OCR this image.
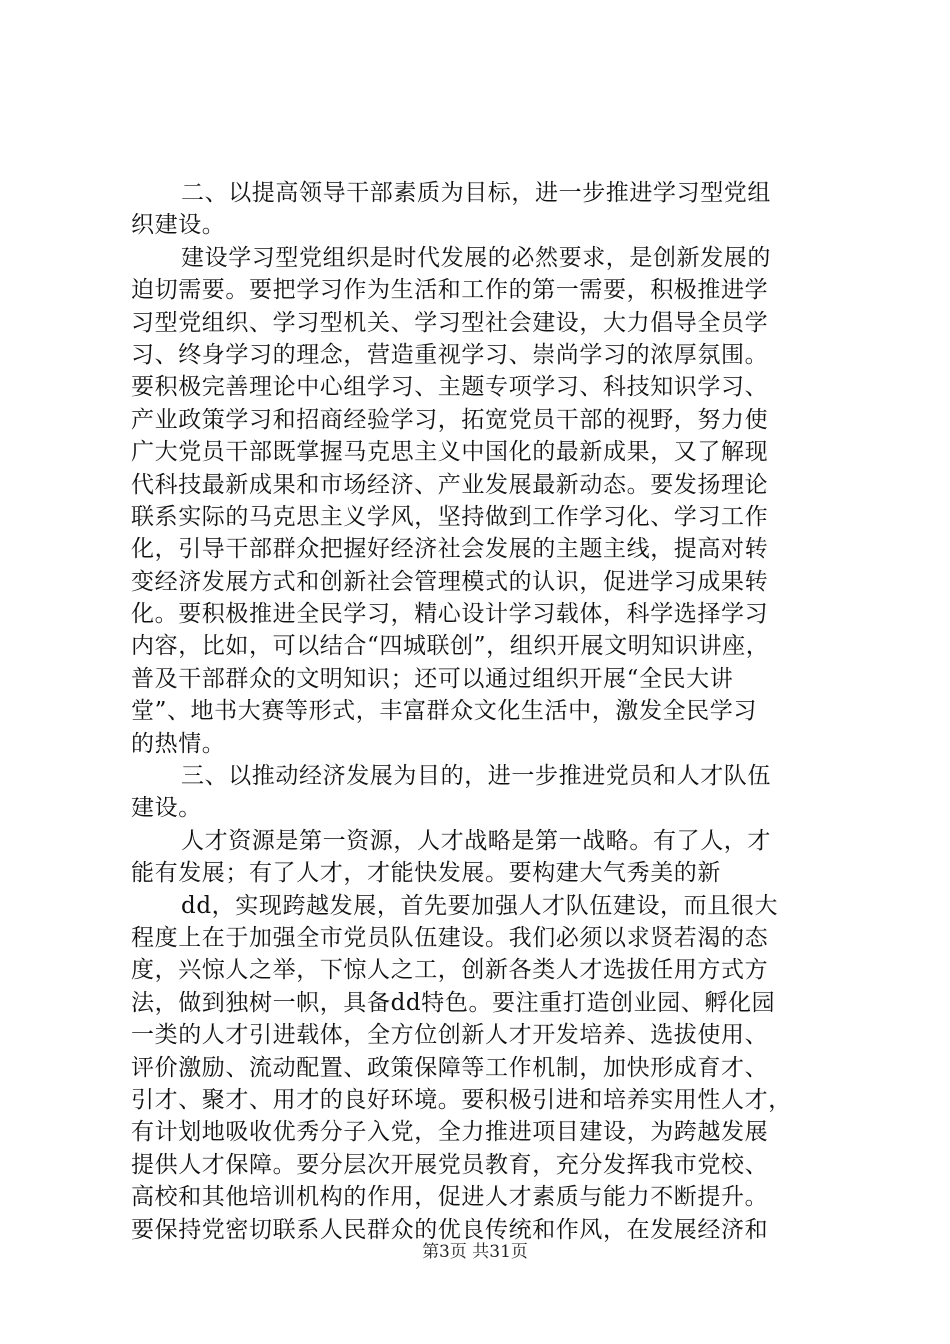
二、以提高领导干部素质为目标，进一步推进学习型党组
织建设。
建设学习型党组织是时代发展的必然要求，是创新发展的
迫切需要。要把学习作为生活和工作的第一需要，积极推进学
习型党组织、学习型机关、学习型社会建设，大力倡导全员学
习、终身学习的理念，营造重视学习、崇尚学习的浓厚氛围。
要积极完善理论中心组学习、主题专项学习、科技知识学习、
产业政策学习和招商经验学习，拓宽党员干部的视野，努力使
广大党员干部既掌握马克思主义中国化的最新成果，又了解现
代科技最新成果和市场经济、产业发展最新动态。要发扬理论
联系实际的马克思主义学风，坚持做到工作学习化、学习工作
化，引导干部群众把握好经济社会发展的主题主线，提高对转
变经济发展方式和创新社会管理模式的认识，促进学习成果转
化。要积极推进全民学习，精心设计学习载体，科学选择学习
内容，比如，可以结合“四城联创”，组织开展文明知识讲座，
普及干部群众的文明知识；还可以通过组织开展“全民大讲
堂”、地书大赛等形式，丰富群众文化生活中，激发全民学习
的热情。
三、以推动经济发展为目的，进一步推进党员和人才队伍
建设。
人才资源是第一资源，人才战略是第一战略。有了人，才
能有发展；有了人才，才能快发展。要构建大气秀美的新
dd，实现跨越发展，首先要加强人才队伍建设，而且很大
程度上在于加强全市党员队伍建设。我们必须以求贤若渴的态
度，兴惊人之举，下惊人之工，创新各类人才选拔任用方式方
法，做到独树一帜，具备dd特色。要注重打造创业园、孵化园
一类的人才引进载体，全方位创新人才开发培养、选拔使用、
评价激励、流动配置、政策保障等工作机制，加快形成育才、
引才、聚才、用才的良好环境。要积极引进和培养实用性人才，
有计划地吸收优秀分子入党，全力推进项目建设，为跨越发展
提供人才保障。要分层次开展党员教育，充分发挥我市党校、
高校和其他培训机构的作用，促进人才素质与能力不断提升。
要保持党密切联系人民群众的优良传统和作风，在发展经济和
第3页 共31页
